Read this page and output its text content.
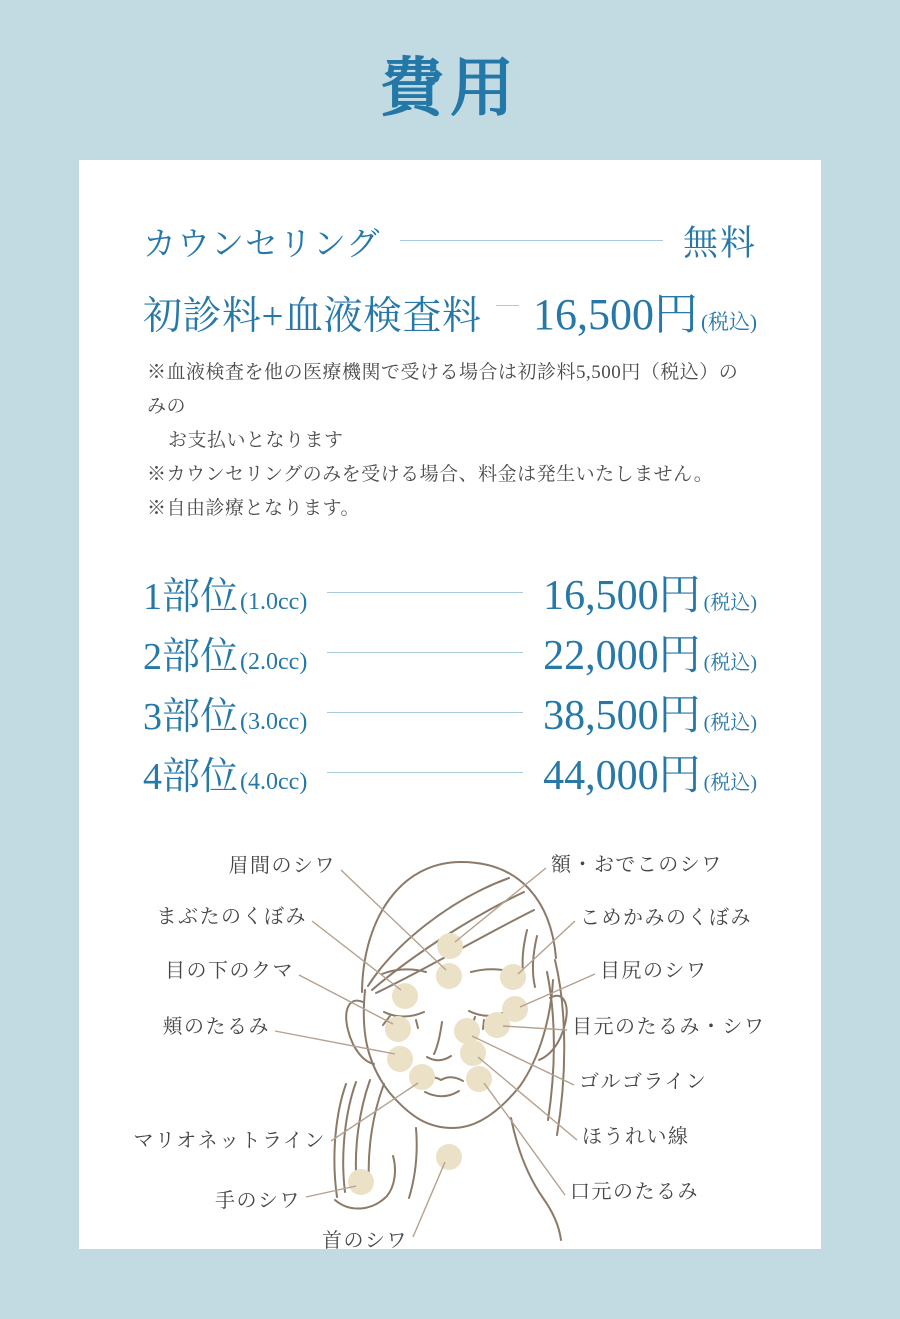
費用
カウンセリング	無料
初診料+血液検査料 16,500円 (税込)
※血液検査を他の医療機関で受ける場合は初診料5,500円（税込）のみの
お支払いとなります
※カウンセリングのみを受ける場合、料金は発生いたしません。
※自由診療となります。
1部位(1.0cc)	16,500円 (税込)
2部位(2.0cc)	22,000円 (税込)
3部位(3.0cc)	38,500円 (税込)
4部位(4.0cc)	44,000円 (税込)
眉間のシワ
まぶたのくぼみ
目の下のクマ
頬のたるみ
マリオネットライン
手のシワ
首のシワ
額・おでこのシワ
こめかみのくぼみ
目尻のシワ
目元のたるみ・シワ
ゴルゴライン
ほうれい線
口元のたるみ
